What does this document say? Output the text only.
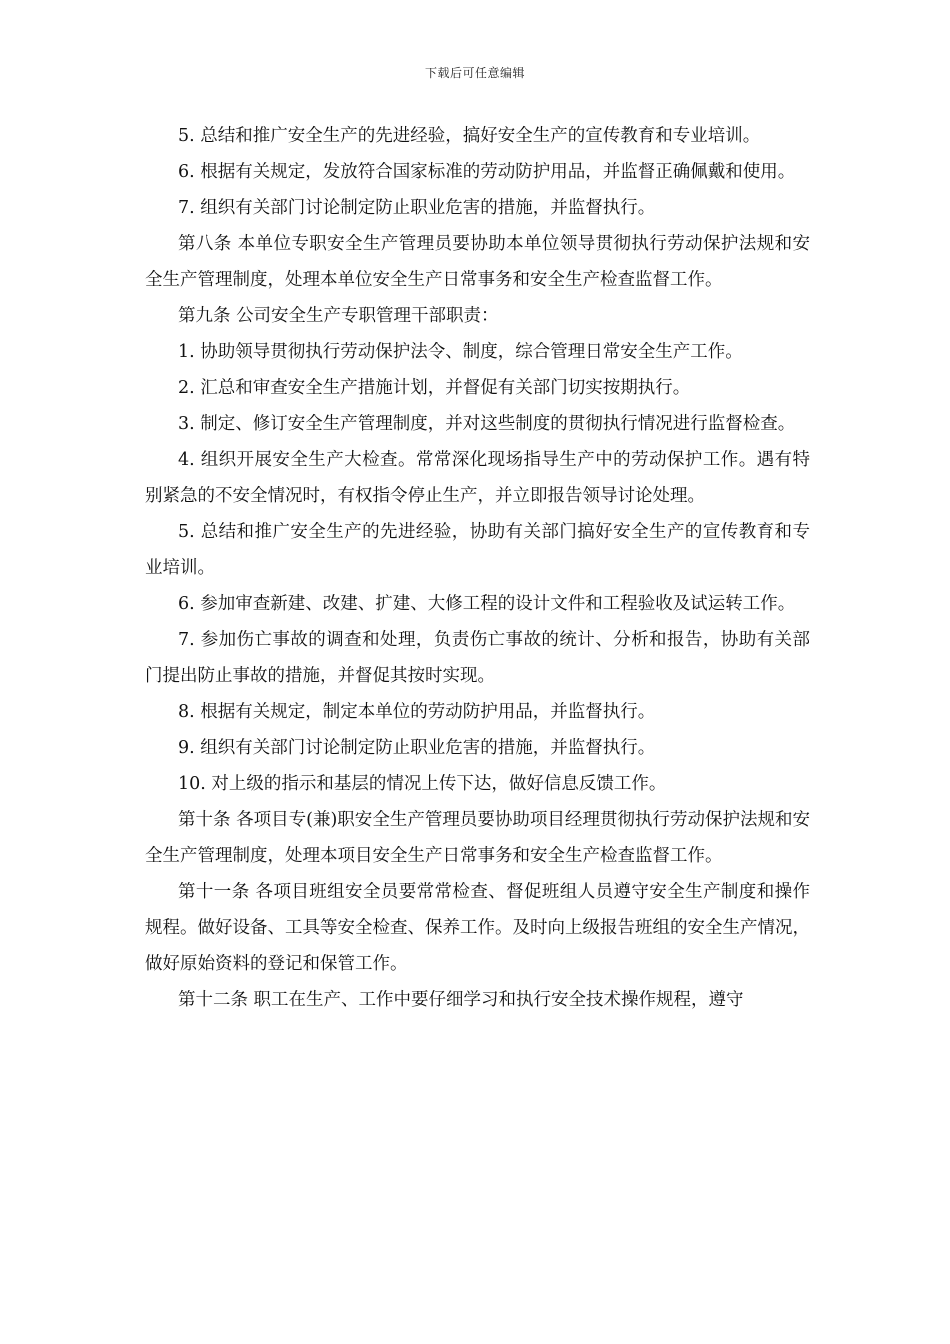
下载后可任意编辑

5. 总结和推广安全生产的先进经验，搞好安全生产的宣传教育和专业培训。

6. 根据有关规定，发放符合国家标准的劳动防护用品，并监督正确佩戴和使用。

7. 组织有关部门讨论制定防止职业危害的措施，并监督执行。

第八条 本单位专职安全生产管理员要协助本单位领导贯彻执行劳动保护法规和安全生产管理制度，处理本单位安全生产日常事务和安全生产检查监督工作。

第九条 公司安全生产专职管理干部职责：

1. 协助领导贯彻执行劳动保护法令、制度，综合管理日常安全生产工作。

2. 汇总和审查安全生产措施计划，并督促有关部门切实按期执行。

3. 制定、修订安全生产管理制度，并对这些制度的贯彻执行情况进行监督检查。

4. 组织开展安全生产大检查。常常深化现场指导生产中的劳动保护工作。遇有特别紧急的不安全情况时，有权指令停止生产，并立即报告领导讨论处理。

5. 总结和推广安全生产的先进经验，协助有关部门搞好安全生产的宣传教育和专业培训。

6. 参加审查新建、改建、扩建、大修工程的设计文件和工程验收及试运转工作。

7. 参加伤亡事故的调查和处理，负责伤亡事故的统计、分析和报告，协助有关部门提出防止事故的措施，并督促其按时实现。

8. 根据有关规定，制定本单位的劳动防护用品，并监督执行。

9. 组织有关部门讨论制定防止职业危害的措施，并监督执行。

10. 对上级的指示和基层的情况上传下达，做好信息反馈工作。

第十条 各项目专(兼)职安全生产管理员要协助项目经理贯彻执行劳动保护法规和安全生产管理制度，处理本项目安全生产日常事务和安全生产检查监督工作。

第十一条 各项目班组安全员要常常检查、督促班组人员遵守安全生产制度和操作规程。做好设备、工具等安全检查、保养工作。及时向上级报告班组的安全生产情况，做好原始资料的登记和保管工作。

第十二条 职工在生产、工作中要仔细学习和执行安全技术操作规程，遵守
